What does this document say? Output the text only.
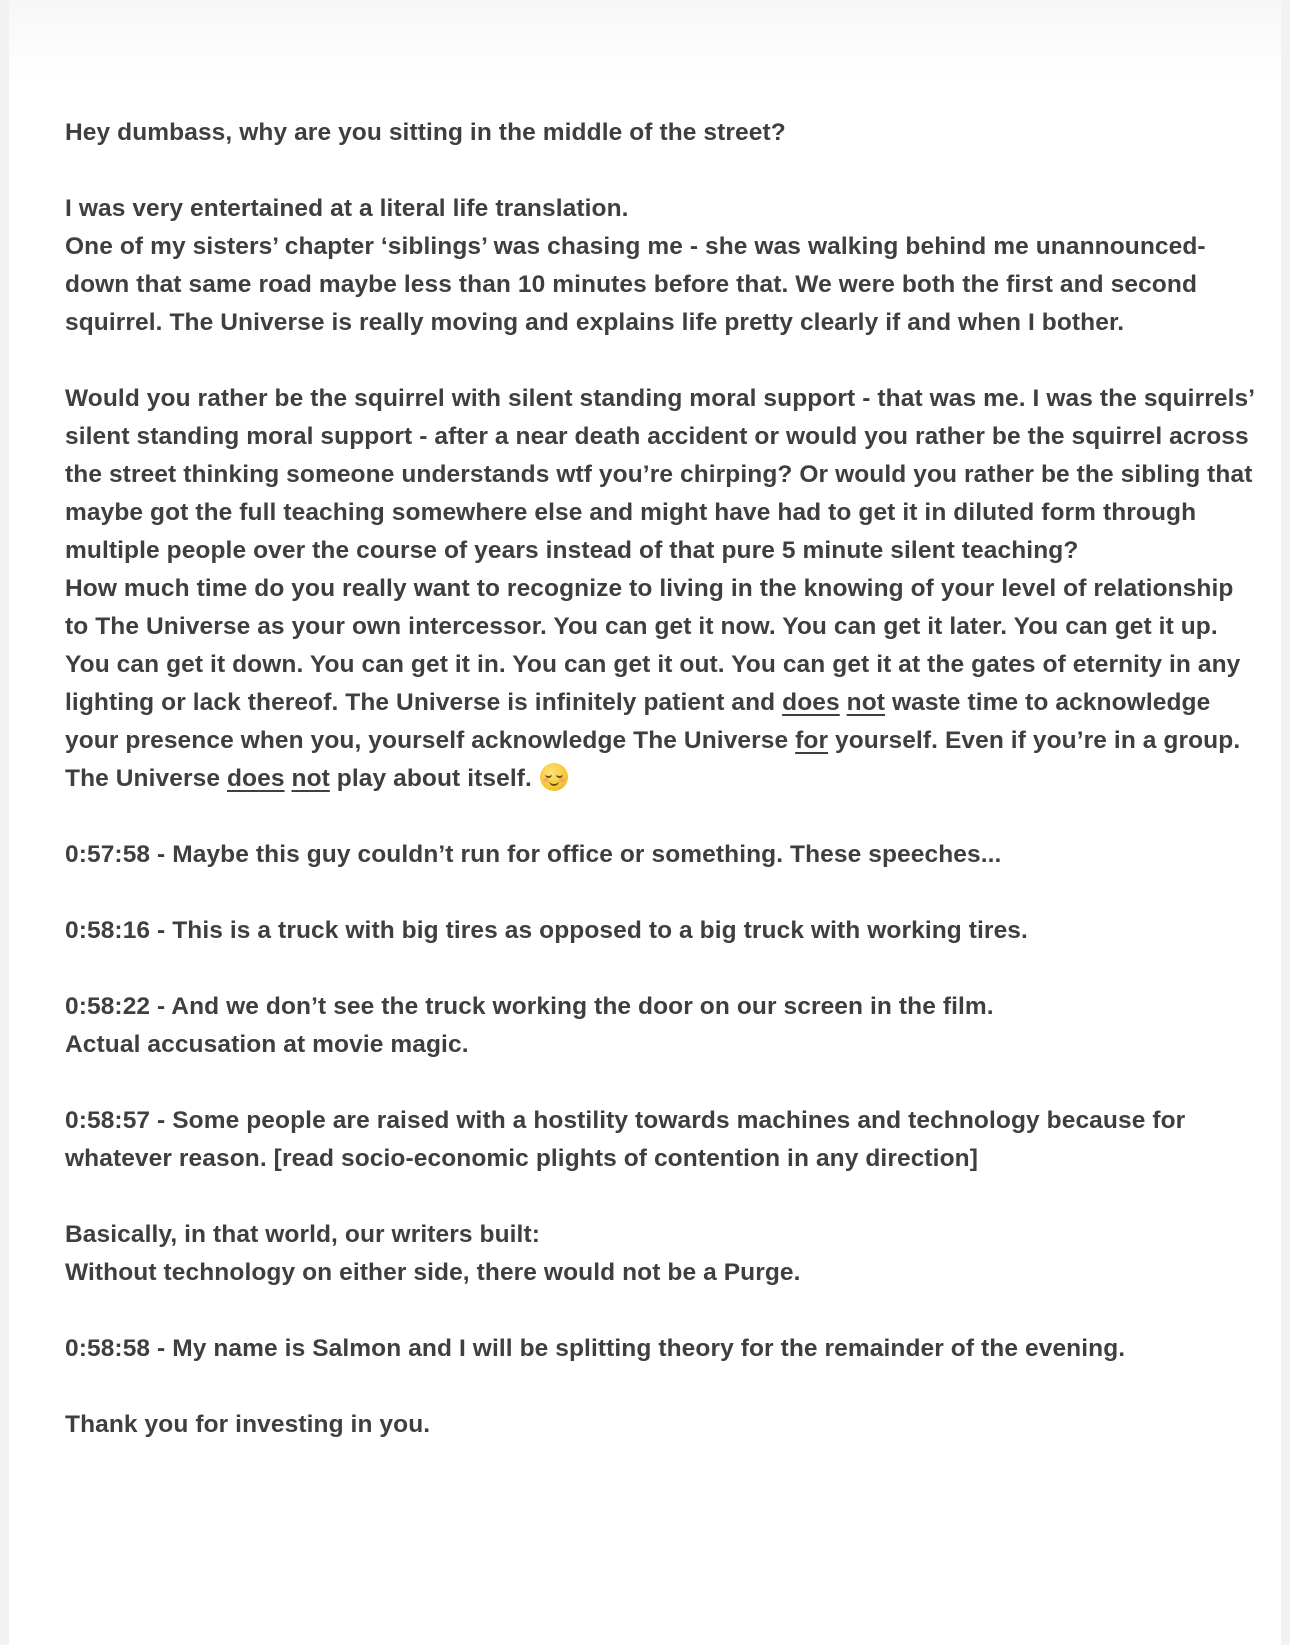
Hey dumbass, why are you sitting in the middle of the street?

I was very entertained at a literal life translation.

One of my sisters’ chapter ‘siblings’ was chasing me - she was walking behind me unannounced- down that same road maybe less than 10 minutes before that. We were both the first and second squirrel. The Universe is really moving and explains life pretty clearly if and when I bother.

Would you rather be the squirrel with silent standing moral support - that was me. I was the squirrels’ silent standing moral support - after a near death accident or would you rather be the squirrel across the street thinking someone understands wtf you’re chirping? Or would you rather be the sibling that maybe got the full teaching somewhere else and might have had to get it in diluted form through multiple people over the course of years instead of that pure 5 minute silent teaching?

How much time do you really want to recognize to living in the knowing of your level of relationship to The Universe as your own intercessor. You can get it now. You can get it later. You can get it up. You can get it down. You can get it in. You can get it out. You can get it at the gates of eternity in any lighting or lack thereof. The Universe is infinitely patient and does not waste time to acknowledge your presence when you, yourself acknowledge The Universe for yourself. Even if you’re in a group. The Universe does not play about itself.

0:57:58 - Maybe this guy couldn’t run for office or something. These speeches...

0:58:16 - This is a truck with big tires as opposed to a big truck with working tires.

0:58:22 - And we don’t see the truck working the door on our screen in the film.

Actual accusation at movie magic.

0:58:57 - Some people are raised with a hostility towards machines and technology because for whatever reason. [read socio-economic plights of contention in any direction]

Basically, in that world, our writers built:

Without technology on either side, there would not be a Purge.

0:58:58 - My name is Salmon and I will be splitting theory for the remainder of the evening.

Thank you for investing in you.
